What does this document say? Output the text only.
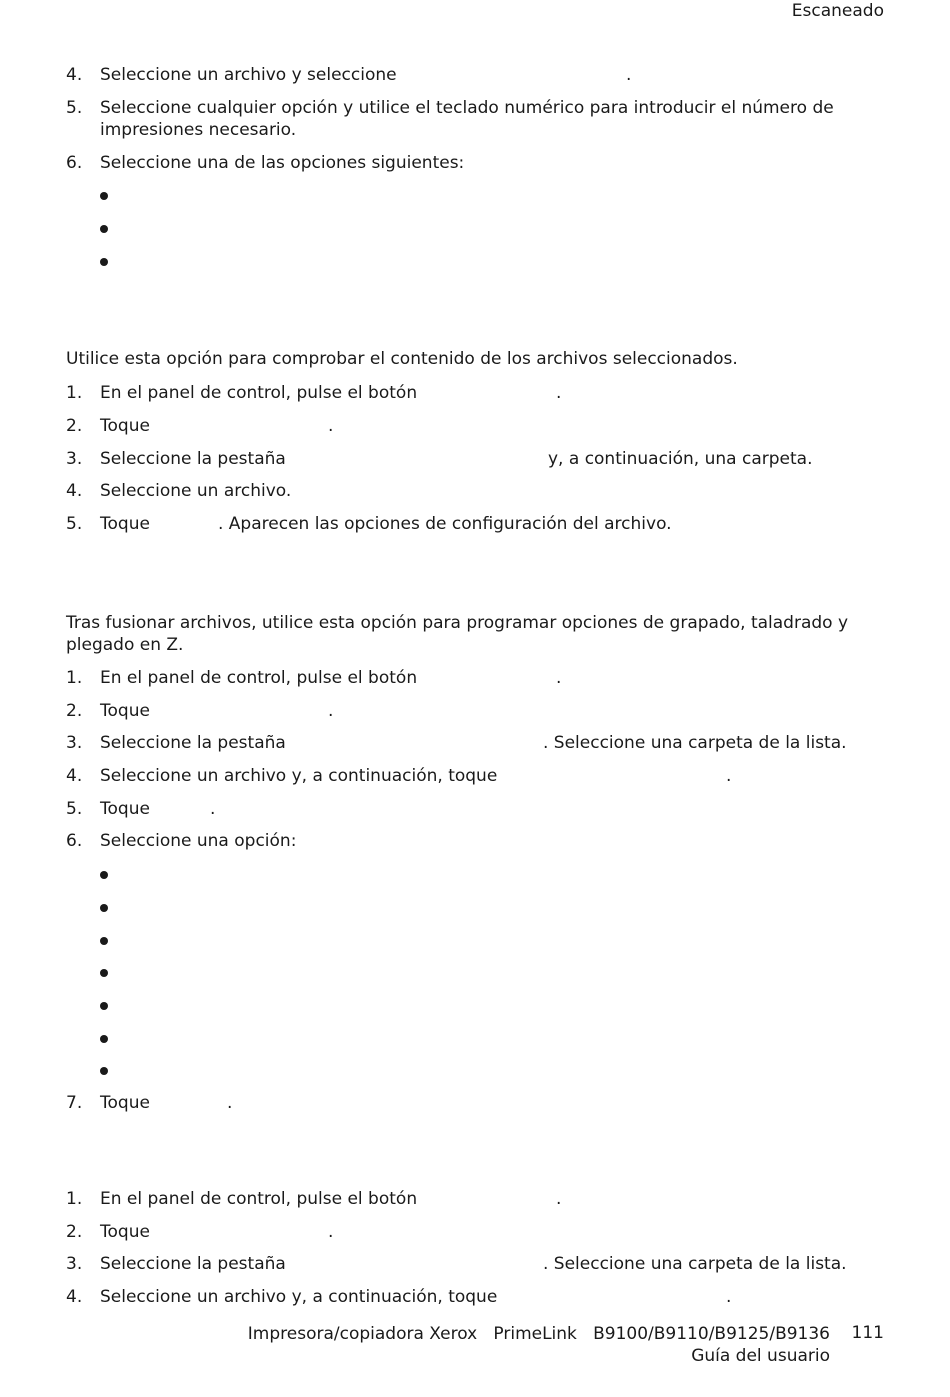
Escaneado
4.	Seleccione un archivo y seleccione	.
5.	Seleccione cualquier opción y utilice el teclado numérico para introducir el número de
impresiones necesario.
6.	Seleccione una de las opciones siguientes:
Utilice esta opción para comprobar el contenido de los archivos seleccionados.
1.	En el panel de control, pulse el botón	.
2.	Toque	.
3.	Seleccione la pestaña	y, a continuación, una carpeta.
4.	Seleccione un archivo.
5.	Toque	. Aparecen las opciones de configuración del archivo.
Tras fusionar archivos, utilice esta opción para programar opciones de grapado, taladrado y
plegado en Z.
1.	En el panel de control, pulse el botón	.
2.	Toque	.
3.	Seleccione la pestaña	. Seleccione una carpeta de la lista.
4.	Seleccione un archivo y, a continuación, toque	.
5.	Toque	.
6.	Seleccione una opción:
7.	Toque	.
1.	En el panel de control, pulse el botón	.
2.	Toque	.
3.	Seleccione la pestaña	. Seleccione una carpeta de la lista.
4.	Seleccione un archivo y, a continuación, toque	.
Impresora/copiadora Xerox   PrimeLink   B9100/B9110/B9125/B9136
Guía del usuario
111
